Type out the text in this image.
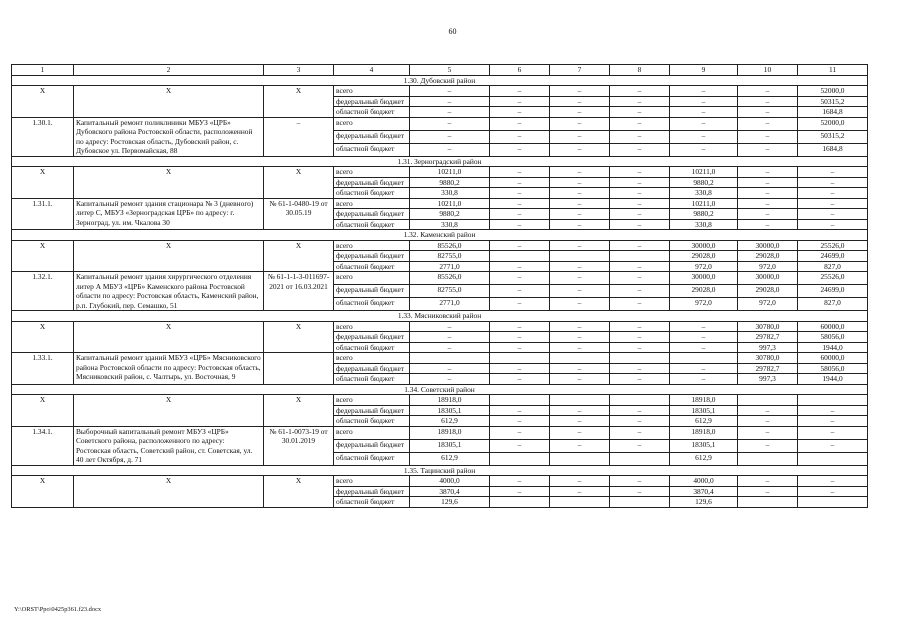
60
1	2	3	4	5	6	7	8	9	10	11
1.30. Дубовский район										
Х	Х	Х	всего	–	–	–	–	–	–	52000,0
			федеральный бюджет	–	–	–	–	–	–	50315,2
			областной бюджет	–	–	–	–	–	–	1684,8
1.30.1.	Капитальный ремонт поликлиники МБУЗ «ЦРБ» Дубовского района Ростовской области, расположенной по адресу: Ростовская область, Дубовский район, с. Дубовское ул. Первомайская, 88	–	всего	–	–	–	–	–	–	52000,0
			федеральный бюджет	–	–	–	–	–	–	50315,2
			областной бюджет	–	–	–	–	–	–	1684,8
1.31. Зерноградский район										
Х	Х	Х	всего	10211,0	–	–	–	10211,0	–	–
			федеральный бюджет	9880,2	–	–	–	9880,2	–	–
			областной бюджет	330,8	–	–	–	330,8	–	–
1.31.1.	Капитальный ремонт здания стационара № 3 (дневного) литер С, МБУЗ «Зерноградская ЦРБ» по адресу: г. Зерноград, ул. им. Чкалова 30	№ 61-1-0480-19 от 30.05.19	всего	10211,0	–	–	–	10211,0	–	–
			федеральный бюджет	9880,2	–	–	–	9880,2	–	–
			областной бюджет	330,8	–	–	–	330,8	–	–
1.32. Каменский район										
Х	Х	Х	всего	85526,0	–	–	–	30000,0	30000,0	25526,0
			федеральный бюджет	82755,0				29028,0	29028,0	24699,0
			областной бюджет	2771,0	–	–	–	972,0	972,0	827,0
1.32.1.	Капитальный ремонт здания хирургического отделения литер А МБУЗ «ЦРБ» Каменского района Ростовской области по адресу: Ростовская область, Каменский район, р.п. Глубокий, пер. Семашко, 51	№ 61-1-1-3-011697-2021 от 16.03.2021	всего	85526,0	–	–	–	30000,0	30000,0	25526,0
			федеральный бюджет	82755,0	–	–	–	29028,0	29028,0	24699,0
			областной бюджет	2771,0	–	–	–	972,0	972,0	827,0
1.33. Мясниковский район										
Х	Х	Х	всего	–	–	–	–	–	30780,0	60000,0
			федеральный бюджет	–	–	–	–	–	29782,7	58056,0
			областной бюджет	–	–	–	–	–	997,3	1944,0
1.33.1.	Капитальный ремонт зданий МБУЗ «ЦРБ» Мясниковского района Ростовской области по адресу: Ростовская область, Мясниковский район, с. Чалтырь, ул. Восточная, 9		всего						30780,0	60000,0
			федеральный бюджет	–	–	–	–	–	29782,7	58056,0
			областной бюджет	–	–	–	–	–	997,3	1944,0
1.34. Советский район										
Х	Х	Х	всего	18918,0				18918,0		
			федеральный бюджет	18305,1	–	–	–	18305,1	–	–
			областной бюджет	612,9	–	–	–	612,9	–	–
1.34.1.	Выборочный капитальный ремонт МБУЗ «ЦРБ» Советского района, расположенного по адресу: Ростовская область, Советский район, ст. Советская, ул. 40 лет Октября, д. 71	№ 61-1-0073-19 от 30.01.2019	всего	18918,0	–	–	–	18918,0	–	–
			федеральный бюджет	18305,1	–	–	–	18305,1	–	–
			областной бюджет	612,9				612,9		
1.35. Тацинский район										
Х	Х	Х	всего	4000,0	–	–	–	4000,0	–	–
			федеральный бюджет	3870,4	–	–	–	3870,4	–	–
			областной бюджет	129,6				129,6		
Y:\ORST\Ppo\0425p361.f23.docx
